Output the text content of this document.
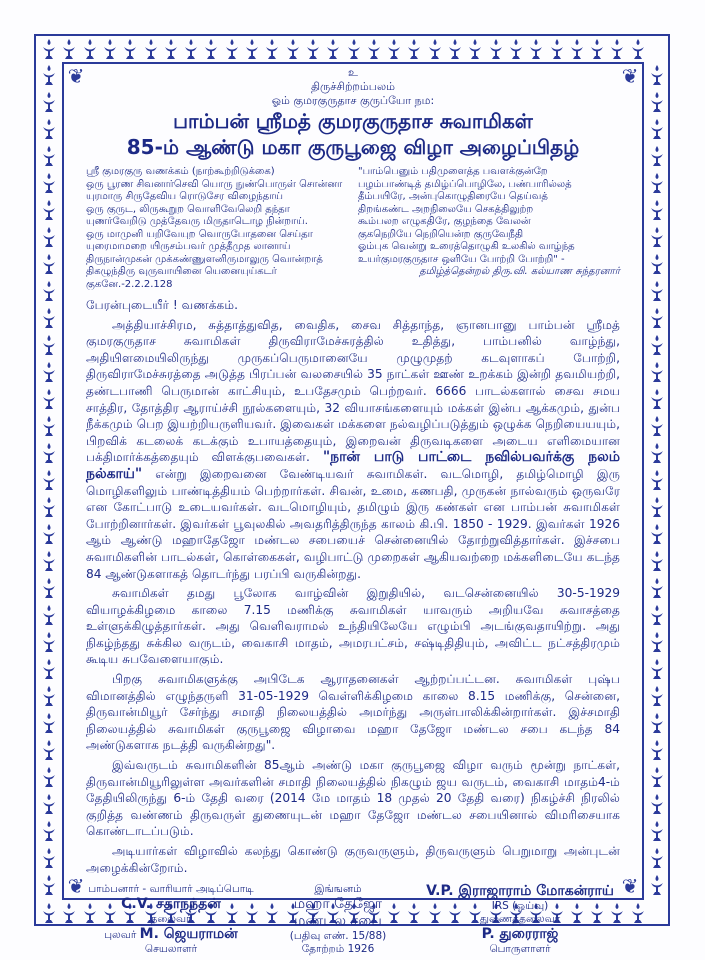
❦	❦
❦	❦
உ
திருச்சிற்றம்பலம்
ஓம் குமரகுருதாச குருப்யோ நம:
பாம்பன் ஸ்ரீமத் குமரகுருதாச சுவாமிகள்
85-ம் ஆண்டு மகா குருபூஜை விழா அழைப்பிதழ்
ஸ்ரீ குமரகுரு வணக்கம் (நாற்கூற்றிடுக்கை)
ஒரு பூரண சிவனார்செவி யொரு நுண்பொருள் சொன்னா
யுரமாரு சிருதேவிய ரொடுசேர விழைந்தாய்
ஒரு குருட, லிருகூறுற வொளிவேலெறி தந்தா
யுணர்வேறிடு முத்தேவரு மிருதாடொழ நின்றாய்.
ஒரு மாமுனி யறிவேயுற வொருபோதனை செய்தா
யுரைமாமறை யிருசம்பவர் முத்தீமுத லானாய்
திருநான்முகன் முக்கண்ணுளனிருமாலுரு வொன்றாத்
திகழுந்திரு வுருவாயினை யெனையுய்கடர் குகனே.-2.2.2.128
"பாம்பெனும் பதிமுளைத்த பவளக்குன்றே
பழம்பாண்டித் தமிழ்ப்பொழிலே, பண்பாரில்லத்
தீம்பயிரே, அன்புகொழுதிரையே தெய்வத்
திறங்கண்ட அறநிலையே செகத்திலுற்ற
கூம்பலற எழுகதிரே, குழந்தை வேலன்
குகநெறியே நெறியென்ற குருவேநீதி
ஓம்புக வென்று உரைத்தொழுகி உலகில் வாழ்ந்த
உயர்குமரகுருதாச ஒளியே போற்றி போற்றி" -
தமிழ்த்தென்றல் திரு.வி. கல்யாண சுந்தரனார்

பேரன்புடையீர் ! வணக்கம்.

அத்தியாச்சிரம, சுத்தாத்துவித, வைதிக, சைவ சித்தாந்த, ஞானபானு பாம்பன் ஸ்ரீமத் குமரகுருதாச சுவாமிகள் திருவிராமேச்சுரத்தில் உதித்து, பாம்பனில் வாழ்ந்து, அதியிளமையிலிருந்து முருகப்பெருமானையே முழுமுதற் கடவுளாகப் போற்றி, திருவிராமேச்சுரத்தை அடுத்த பிரப்பன் வலசையில் 35 நாட்கள் ஊண் உறக்கம் இன்றி தவமியற்றி, தண்டபாணி பெருமான் காட்சியும், உபதேசமும் பெற்றவர். 6666 பாடல்களால் சைவ சமய சாத்திர, தோத்திர ஆராய்ச்சி நூல்களையும், 32 வியாசங்களையும் மக்கள் இன்ப ஆக்கமும், துன்ப நீக்கமும் பெற இயற்றியருளியவர். இவைகள் மக்களை நல்வழிப்படுத்தும் ஒழுக்க நெறியையயும், பிறவிக் கடலைக் கடக்கும் உபாயத்தையும், இறைவன் திருவடிகளை அடைய எளிமையான பக்திமார்க்கத்தையும் விளக்குபவைகள். "நான் பாடு பாட்டை நவில்பவர்க்கு நலம் நல்காய்" என்று இறைவனை வேண்டியவர் சுவாமிகள். வடமொழி, தமிழ்மொழி இரு மொழிகளிலும் பாண்டித்தியம் பெற்றார்கள். சிவன், உமை, கணபதி, முருகன் நால்வரும் ஒருவரே என கோட்பாடு உடையவர்கள். வடமொழியும், தமிழும் இரு கண்கள் என பாம்பன் சுவாமிகள் போற்றினார்கள். இவர்கள் பூவுலகில் அவதரித்திருந்த காலம் கி.பி. 1850 - 1929. இவர்கள் 1926 ஆம் ஆண்டு மஹாதேஜோ மண்டல சபையைச் சென்னையில் தோற்றுவித்தார்கள். இச்சபை சுவாமிகளின் பாடல்கள், கொள்கைகள், வழிபாட்டு முறைகள் ஆகியவற்றை மக்களிடையே கடந்த 84 ஆண்டுகளாகத் தொடர்ந்து பரப்பி வருகின்றது.

சுவாமிகள் தமது பூலோக வாழ்வின் இறுதியில், வடசென்னையில் 30-5-1929 வியாழக்கிழமை காலை 7.15 மணிக்கு சுவாமிகள் யாவரும் அறியவே சுவாசத்தை உள்ளுக்கிழுத்தார்கள். அது வெளிவராமல் உந்தியிலேயே எழும்பி அடங்குவதாயிற்று. அது நிகழ்ந்தது சுக்கில வருடம், வைகாசி மாதம், அமரபட்சம், சஷ்டிதிதியும், அவிட்ட நட்சத்திரமும் கூடிய சுபவேளையாகும்.

பிறகு சுவாமிகளுக்கு அபிடேக ஆராதனைகள் ஆற்றப்பட்டன. சுவாமிகள் புஷ்ப விமானத்தில் எழுந்தருளி 31-05-1929 வெள்ளிக்கிழமை காலை 8.15 மணிக்கு, சென்னை, திருவான்மியூர் சேர்ந்து சமாதி நிலையத்தில் அமர்ந்து அருள்பாலிக்கின்றார்கள். இச்சமாதி நிலையத்தில் சுவாமிகள் குருபூஜை விழாவை மஹா தேஜோ மண்டல சபை கடந்த 84 அண்டுகளாக நடத்தி வருகின்றது".

இவ்வருடம் சுவாமிகளின் 85ஆம் அண்டு மகா குருபூஜை விழா வரும் மூன்று நாட்கள், திருவான்மியூரிலுள்ள அவர்களின் சமாதி நிலையத்தில் நிகழும் ஜய வருடம், வைகாசி மாதம்4-ம் தேதியிலிருந்து 6-ம் தேதி வரை (2014 மே மாதம் 18 முதல் 20 தேதி வரை) நிகழ்ச்சி நிரலில் குறித்த வண்ணம் திருவருள் துணையுடன் மஹா தேஜோ மண்டல சபையினால் விமரிசையாக கொண்டாடப்படும்.

அடியார்கள் விழாவில் கலந்து கொண்டு குருவருளும், திருவருளும் பெறுமாறு அன்புடன் அழைக்கின்றோம்.

பாம்பனார் - வாரியார் அடிப்பொடி
C.V. சதாநந்தன்
தலைவர்
புலவர் M. ஜெயராமன்
செயலாளர்
இங்ஙனம்
மஹா தேஜோ
மண்டல சபை
(பதிவு எண். 15/88)
தோற்றம் 1926
V.P. இராஜாராம் மோகன்ராய்
IRS (ஓய்வு)
துணைத்தலைவர்
P. துரைராஜ்
பொருளாளர்
